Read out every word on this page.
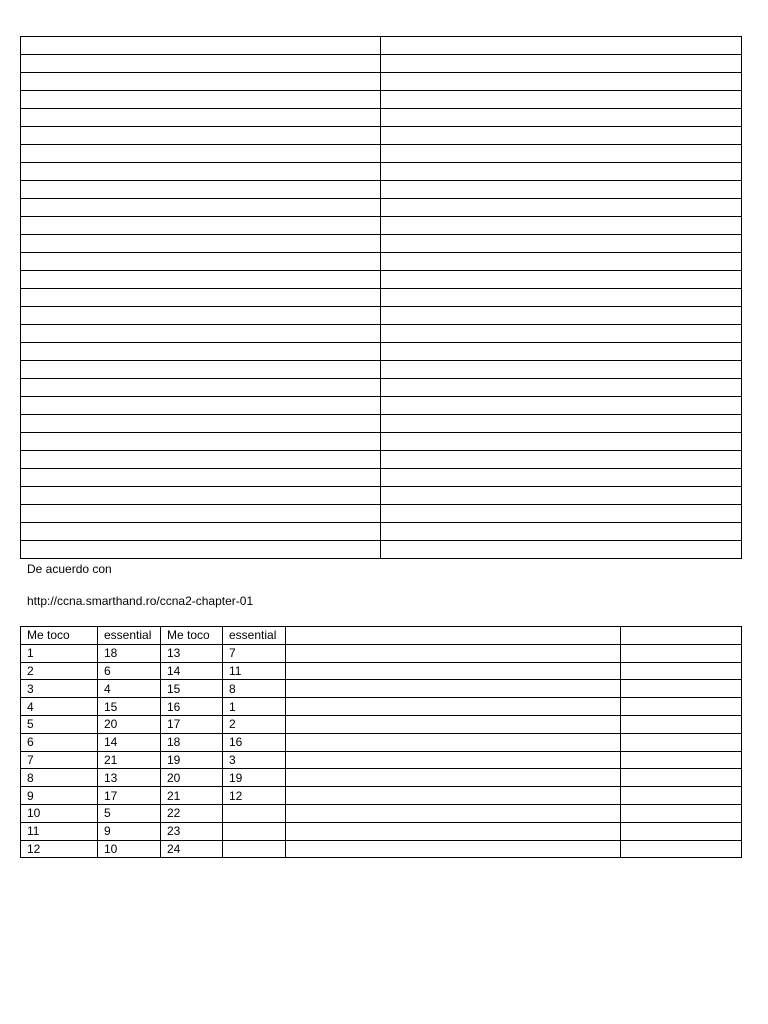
De acuerdo con
http://ccna.smarthand.ro/ccna2-chapter-01
Me toco	essential	Me toco	essential		
1	18	13	7		
2	6	14	11		
3	4	15	8		
4	15	16	1		
5	20	17	2		
6	14	18	16		
7	21	19	3		
8	13	20	19		
9	17	21	12		
10	5	22			
11	9	23			
12	10	24			
